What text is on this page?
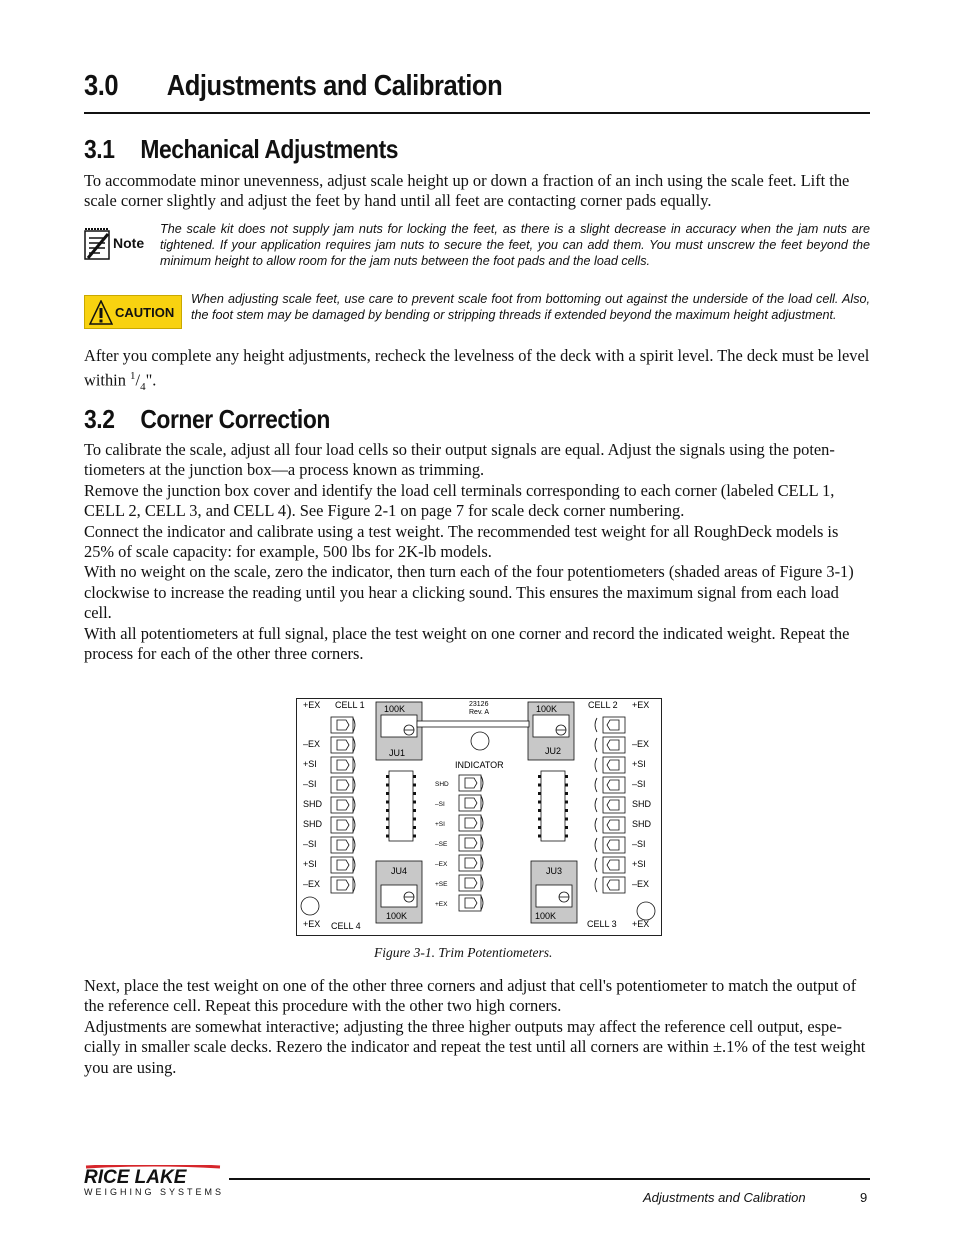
3.0 Adjustments and Calibration
3.1 Mechanical Adjustments

To accommodate minor unevenness, adjust scale height up or down a fraction of an inch using the scale feet. Lift the scale corner slightly and adjust the feet by hand until all feet are contacting corner pads equally.

Note
The scale kit does not supply jam nuts for locking the feet, as there is a slight decrease in accuracy when the jam nuts are tightened. If your application requires jam nuts to secure the feet, you can add them. You must unscrew the feet beyond the minimum height to allow room for the jam nuts between the foot pads and the load cells.
CAUTION
When adjusting scale feet, use care to prevent scale foot from bottoming out against the underside of the load cell. Also, the foot stem may be damaged by bending or stripping threads if extended beyond the maximum height adjustment.

After you complete any height adjustments, recheck the levelness of the deck with a spirit level. The deck must be level within $^1/_4$".

3.2 Corner Correction

To calibrate the scale, adjust all four load cells so their output signals are equal. Adjust the signals using the poten-tiometers at the junction box—a process known as trimming.

Remove the junction box cover and identify the load cell terminals corresponding to each corner (labeled CELL 1, CELL 2, CELL 3, and CELL 4). See Figure 2-1 on page 7 for scale deck corner numbering.

Connect the indicator and calibrate using a test weight. The recommended test weight for all RoughDeck models is 25% of scale capacity: for example, 500 lbs for 2K-lb models.

With no weight on the scale, zero the indicator, then turn each of the four potentiometers (shaded areas of Figure 3-1) clockwise to increase the reading until you hear a clicking sound. This ensures the maximum signal from each load cell.

With all potentiometers at full signal, place the test weight on one corner and record the indicated weight. Repeat the process for each of the other three corners.

100K
JU1
100K
JU2
JU4
100K
JU3
100K
23126
Rev. A
INDICATOR
CELL 1	CELL 2
CELL 3
CELL 4
+EX	+EX
+EX	+EX
–EX
+SI
–SI
SHD
SHD
–SI
+SI
–EX
–EX
+SI
–SI
SHD
SHD
–SI
+SI
–EX
SHD
–SI
+SI
–SE
–EX
+SE
+EX
Figure 3-1. Trim Potentiometers.

Next, place the test weight on one of the other three corners and adjust that cell's potentiometer to match the output of the reference cell. Repeat this procedure with the other two high corners.

Adjustments are somewhat interactive; adjusting the three higher outputs may affect the reference cell output, espe-cially in smaller scale decks. Rezero the indicator and repeat the test until all corners are within ±.1% of the test weight you are using.

RICE LAKE
WEIGHING SYSTEMS	Adjustments and Calibration	9
